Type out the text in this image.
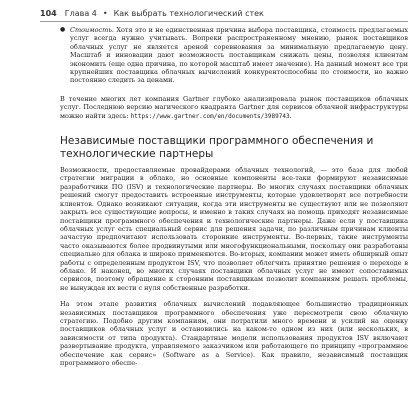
104 Глава 4 • Как выбрать технологический стек
● Стоимость. Хотя это и не единственная причина выбора поставщика, стоимость предлагаемых услуг всегда нужно учитывать. Вопреки распространенному мнению, рынок поставщиков облачных услуг не является ареной соревнования за минимальную предлагаемую цену. Масштаб и инновации дают возможность поставщикам снижать цены, позволяя клиентам экономить (еще одна причина, по которой масштаб имеет значение). На данный момент все три крупнейших поставщика облачных вычислений конкурентоспособны по стоимости, но важно постоянно следить за ценами.

В течение многих лет компания Gartner глубоко анализировала рынок поставщиков облачных услуг. Последнюю версию магического квадранта Gartner для сервисов облачной инфраструктуры можно найти здесь: https://www.gartner.com/en/documents/3989743.

Независимые поставщики программного обеспечения и технологические партнеры

Возможности, предоставляемые провайдерами облачных технологий, — это база для любой стратегии миграции в облако, но основные компоненты все-таки формируют независимые разработчики ПО (ISV) и технологические партнеры. Во многих случаях поставщики облачных решений смогут предоставить встроенные инструменты, которые удовлетворят все потребности клиентов. Однако возникают ситуации, когда эти инструменты не существуют или не позволяют закрыть все существующие вопросы, и именно в таких случаях на помощь приходят независимые поставщики программного обеспечения и технологические партнеры. Даже если у поставщика облачных услуг есть специальный сервис для решения задачи, по различным причинам клиенты зачастую предпочитают использовать сторонние инструменты. Во-первых, такие инструменты часто оказываются более продвинутыми или многофункциональными, поскольку они разработаны специально для облака и широко применяются. Во-вторых, компании может иметь обширный опыт работы с определенным продуктом ISV, что позволяет облегчить принятие решения о переходе в облако. И наконец, во многих случаях поставщики облачных услуг не имеют сопоставимых сервисов, поэтому обращение к сторонним поставщикам позволит компаниям решать проблемы, не вынуждая их вести с нуля собственные разработки.

На этом этапе развития облачных вычислений подавляющее большинство традиционных независимых поставщиков программного обеспечения уже пересмотрели свою облачную стратегию. Подобно другим компаниям, они потратили много времени и усилий на оценку поставщиков облачных услуг и остановились на каком-то одном из них (или нескольких, в зависимости от типа продукта). Стандартные модели использования продуктов ISV включают развертывание продукта, управляемого заказчиком или работающего по принципу «программное обеспечение как сервис» (Software as a Service). Как правило, независимый поставщик программного обеспе-
